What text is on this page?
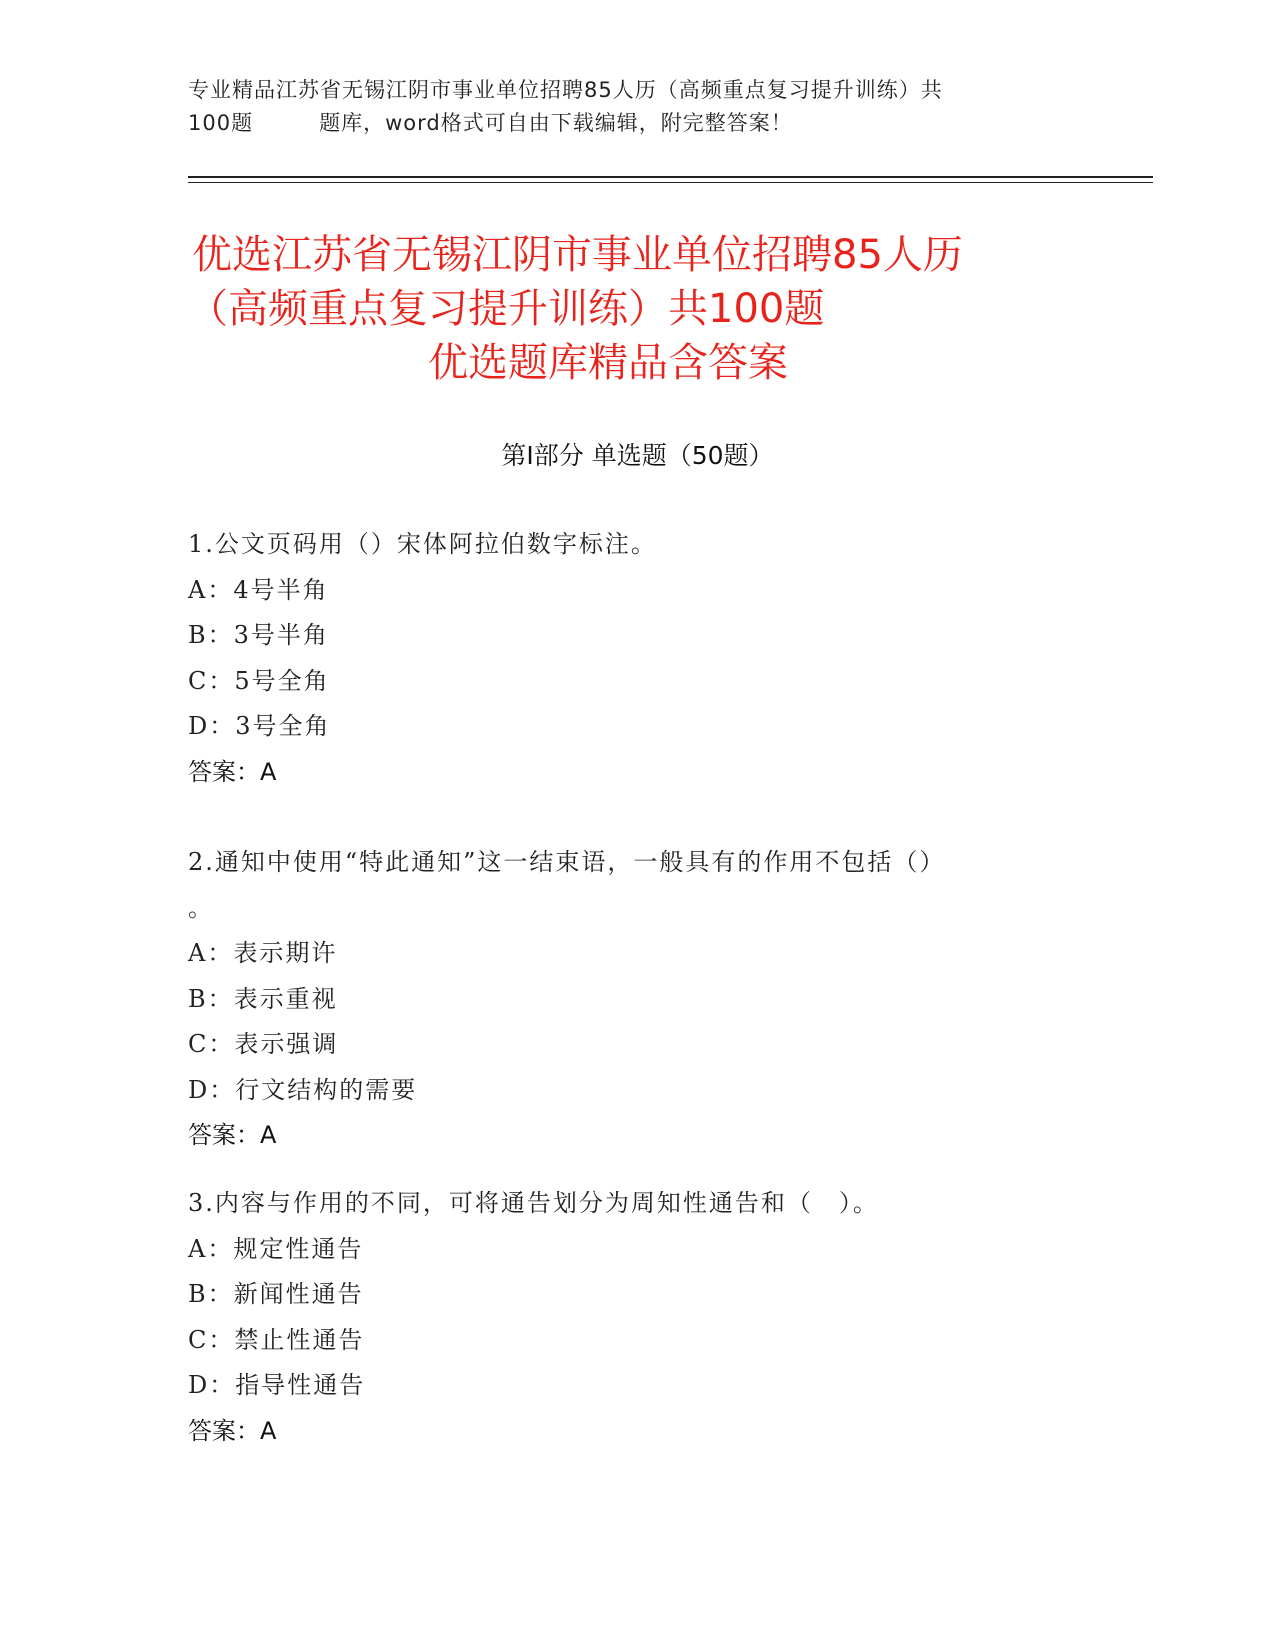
专业精品江苏省无锡江阴市事业单位招聘85人历（高频重点复习提升训练）共
100题	题库，word格式可自由下载编辑，附完整答案！
优选江苏省无锡江阴市事业单位招聘85人历
（高频重点复习提升训练）共100题
优选题库精品含答案
第Ⅰ部分 单选题（50题）
1.公文页码用（）宋体阿拉伯数字标注。
A：4号半角
B：3号半角
C：5号全角
D：3号全角
答案：A
2.通知中使用“特此通知”这一结束语，一般具有的作用不包括（）
。
A：表示期许
B：表示重视
C：表示强调
D：行文结构的需要
答案：A
3.内容与作用的不同，可将通告划分为周知性通告和（　）。
A：规定性通告
B：新闻性通告
C：禁止性通告
D：指导性通告
答案：A
